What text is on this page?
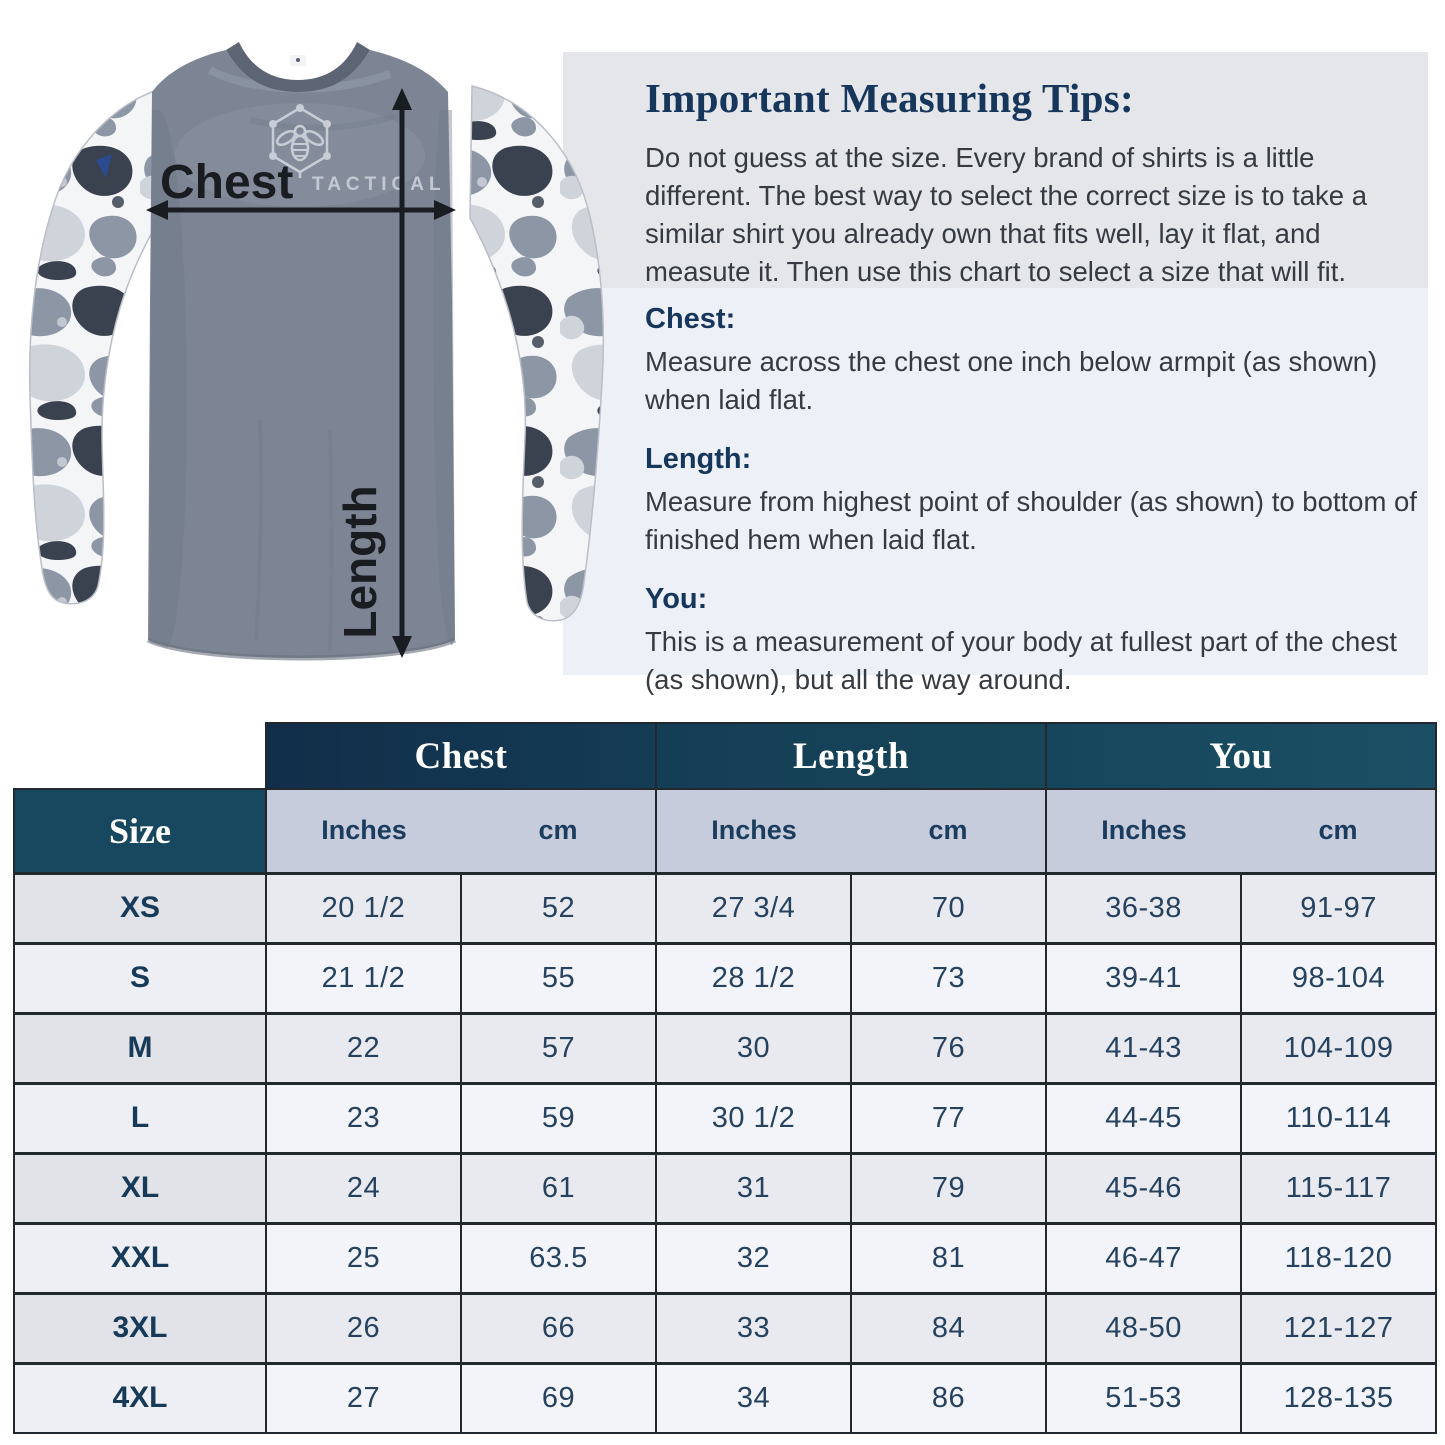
TACTICAL
Chest
Length
Important Measuring Tips:

Do not guess at the size. Every brand of shirts is a little different. The best way to select the correct size is to take a similar shirt you already own that fits well, lay it flat, and measute it. Then use this chart to select a size that will fit.

Chest:

Measure across the chest one inch below armpit (as shown) when laid flat.

Length:

Measure from highest point of shoulder (as shown) to bottom of finished hem when laid flat.

You:

This is a measurement of your body at fullest part of the chest (as shown), but all the way around.

	Chest		Length		You	
Size	Inches cm		Inches cm		Inches cm	

XS	20 1/2	52	27 3/4	70	36-38	91-97
S	21 1/2	55	28 1/2	73	39-41	98-104
M	22	57	30	76	41-43	104-109
L	23	59	30 1/2	77	44-45	110-114
XL	24	61	31	79	45-46	115-117
XXL	25	63.5	32	81	46-47	118-120
3XL	26	66	33	84	48-50	121-127
4XL	27	69	34	86	51-53	128-135
